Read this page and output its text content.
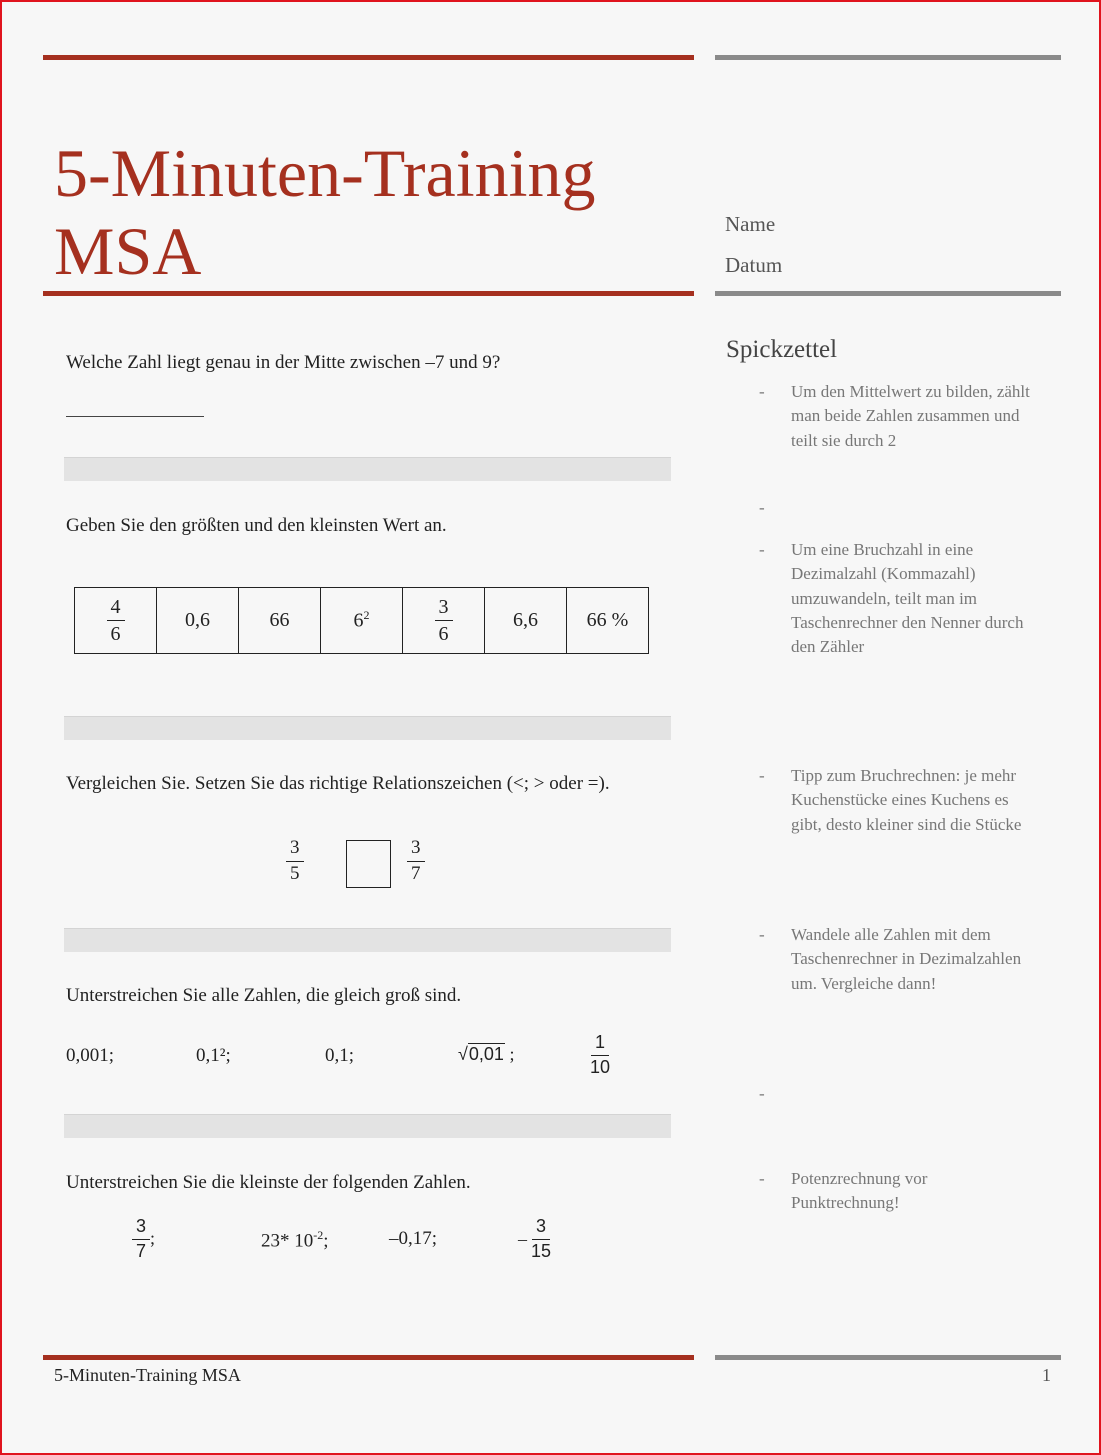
5-Minuten-Training
MSA	Name
Datum
Welche Zahl liegt genau in der Mitte zwischen –7 und 9?
Geben Sie den größten und den kleinsten Wert an.
$\frac{4}{6}$	0,6	66	$6^2$	$\frac{3}{6}$	6,6	66 %
Vergleichen Sie. Setzen Sie das richtige Relationszeichen (<; > oder =).
$\frac{3}{5}$	$\frac{3}{7}$
Unterstreichen Sie alle Zahlen, die gleich groß sind.
0,001;	0,1²;	0,1;	√ 0,01 ;	$\frac{1}{10}$
Unterstreichen Sie die kleinste der folgenden Zahlen.
$\frac{3}{7}$ ;	23* $10^{-2}$;	–0,17;	– $\frac{3}{15}$
Spickzettel
- Um den Mittelwert zu bilden, zählt man beide Zahlen zusammen und teilt sie durch 2
-
- Um eine Bruchzahl in eine Dezimalzahl (Kommazahl) umzuwandeln, teilt man im Taschenrechner den Nenner durch den Zähler
- Tipp zum Bruchrechnen: je mehr Kuchenstücke eines Kuchens es gibt, desto kleiner sind die Stücke
- Wandele alle Zahlen mit dem Taschenrechner in Dezimalzahlen um. Vergleiche dann!
-
- Potenzrechnung vor Punktrechnung!
5-Minuten-Training MSA	1
